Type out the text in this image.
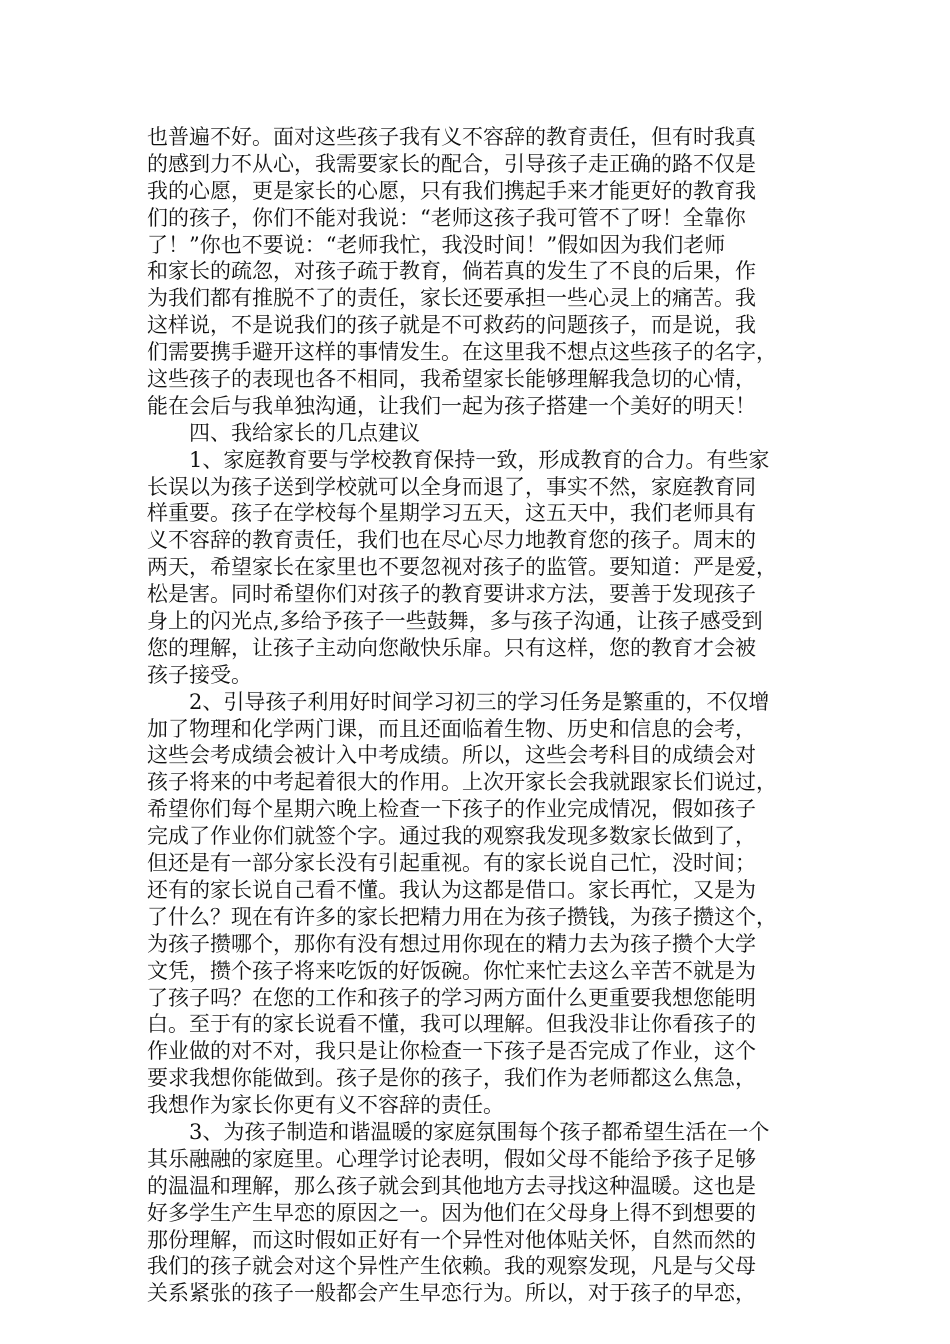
也普遍不好。面对这些孩子我有义不容辞的教育责任，但有时我真
的感到力不从心，我需要家长的配合，引导孩子走正确的路不仅是
我的心愿，更是家长的心愿，只有我们携起手来才能更好的教育我
们的孩子，你们不能对我说：“老师这孩子我可管不了呀！全靠你
了！”你也不要说：“老师我忙，我没时间！”假如因为我们老师
和家长的疏忽，对孩子疏于教育，倘若真的发生了不良的后果，作
为我们都有推脱不了的责任，家长还要承担一些心灵上的痛苦。我
这样说，不是说我们的孩子就是不可救药的问题孩子，而是说，我
们需要携手避开这样的事情发生。在这里我不想点这些孩子的名字，
这些孩子的表现也各不相同，我希望家长能够理解我急切的心情，
能在会后与我单独沟通，让我们一起为孩子搭建一个美好的明天！
　　四、我给家长的几点建议
　　1、家庭教育要与学校教育保持一致，形成教育的合力。有些家
长误以为孩子送到学校就可以全身而退了，事实不然，家庭教育同
样重要。孩子在学校每个星期学习五天，这五天中，我们老师具有
义不容辞的教育责任，我们也在尽心尽力地教育您的孩子。周末的
两天，希望家长在家里也不要忽视对孩子的监管。要知道：严是爱，
松是害。同时希望你们对孩子的教育要讲求方法，要善于发现孩子
身上的闪光点,多给予孩子一些鼓舞，多与孩子沟通，让孩子感受到
您的理解，让孩子主动向您敞快乐扉。只有这样，您的教育才会被
孩子接受。
　　2、引导孩子利用好时间学习初三的学习任务是繁重的，不仅增
加了物理和化学两门课，而且还面临着生物、历史和信息的会考，
这些会考成绩会被计入中考成绩。所以，这些会考科目的成绩会对
孩子将来的中考起着很大的作用。上次开家长会我就跟家长们说过，
希望你们每个星期六晚上检查一下孩子的作业完成情况，假如孩子
完成了作业你们就签个字。通过我的观察我发现多数家长做到了，
但还是有一部分家长没有引起重视。有的家长说自己忙，没时间；
还有的家长说自己看不懂。我认为这都是借口。家长再忙，又是为
了什么？现在有许多的家长把精力用在为孩子攒钱，为孩子攒这个，
为孩子攒哪个，那你有没有想过用你现在的精力去为孩子攒个大学
文凭，攒个孩子将来吃饭的好饭碗。你忙来忙去这么辛苦不就是为
了孩子吗？在您的工作和孩子的学习两方面什么更重要我想您能明
白。至于有的家长说看不懂，我可以理解。但我没非让你看孩子的
作业做的对不对，我只是让你检查一下孩子是否完成了作业，这个
要求我想你能做到。孩子是你的孩子，我们作为老师都这么焦急，
我想作为家长你更有义不容辞的责任。
　　3、为孩子制造和谐温暖的家庭氛围每个孩子都希望生活在一个
其乐融融的家庭里。心理学讨论表明，假如父母不能给予孩子足够
的温温和理解，那么孩子就会到其他地方去寻找这种温暖。这也是
好多学生产生早恋的原因之一。因为他们在父母身上得不到想要的
那份理解，而这时假如正好有一个异性对他体贴关怀，自然而然的
我们的孩子就会对这个异性产生依赖。我的观察发现，凡是与父母
关系紧张的孩子一般都会产生早恋行为。所以，对于孩子的早恋，
